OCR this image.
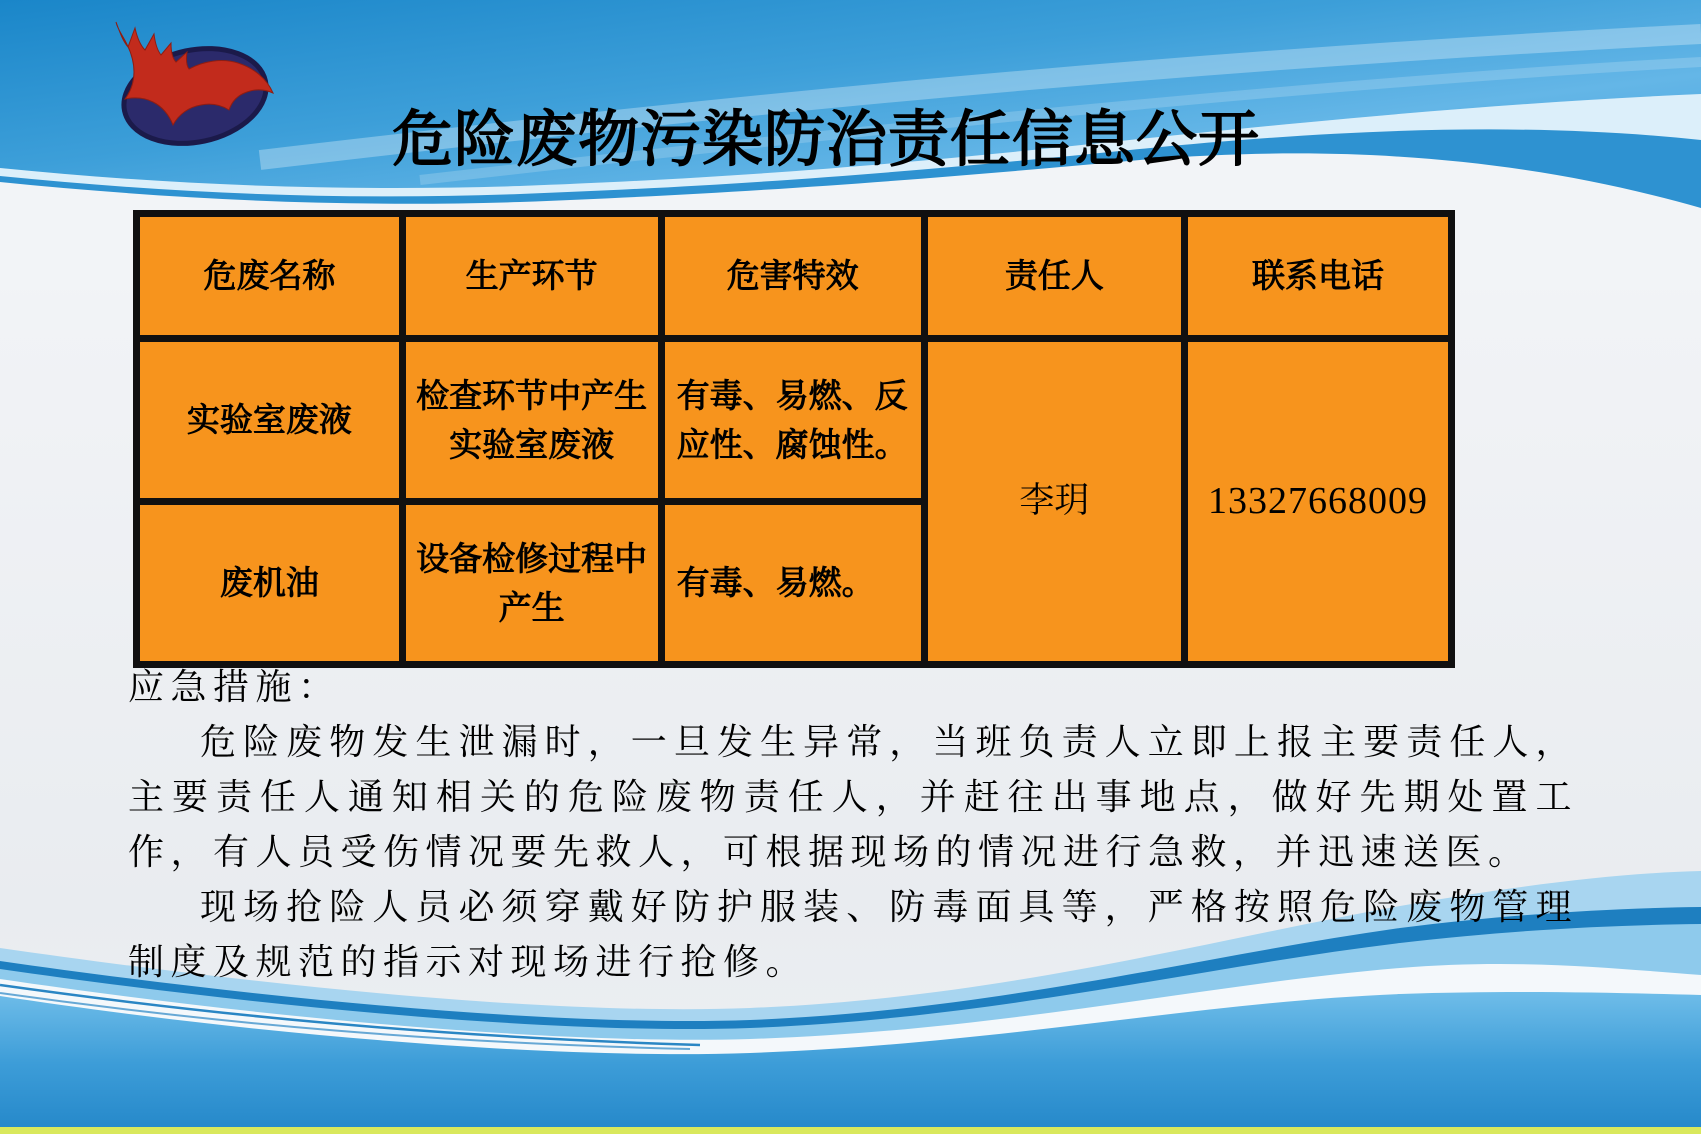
危险废物污染防治责任信息公开
危废名称	生产环节	危害特效	责任人	联系电话
实验室废液	检查环节中产生实验室废液	有毒、易燃、反应性、腐蚀性。	李玥	13327668009
废机油	设备检修过程中产生	有毒、易燃。		
应急措施：

危险废物发生泄漏时，一旦发生异常，当班负责人立即上报主要责任人，主要责任人通知相关的危险废物责任人，并赶往出事地点，做好先期处置工作，有人员受伤情况要先救人，可根据现场的情况进行急救，并迅速送医。

现场抢险人员必须穿戴好防护服装、防毒面具等，严格按照危险废物管理制度及规范的指示对现场进行抢修。
